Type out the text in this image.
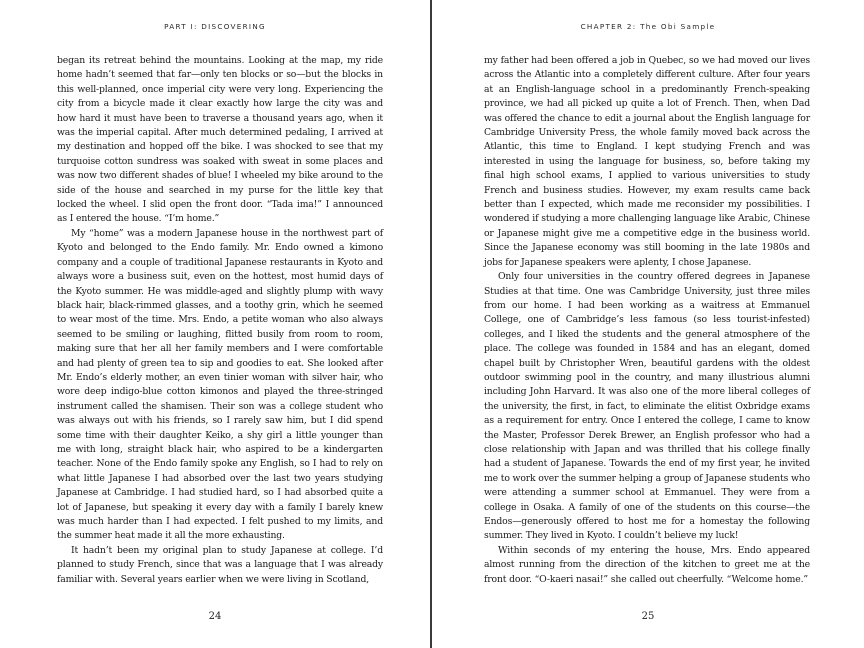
PART I: DISCOVERING

began its retreat behind the mountains. Looking at the map, my ride home hadn’t seemed that far—only ten blocks or so—but the blocks in this well-planned, once imperial city were very long. Experiencing the city from a bicycle made it clear exactly how large the city was and how hard it must have been to traverse a thousand years ago, when it was the imperial capital. After much determined pedaling, I arrived at my destination and hopped off the bike. I was shocked to see that my turquoise cotton sundress was soaked with sweat in some places and was now two different shades of blue! I wheeled my bike around to the side of the house and searched in my purse for the little key that locked the wheel. I slid open the front door. “Tada ima!” I announced as I entered the house. “I’m home.”

My “home” was a modern Japanese house in the northwest part of Kyoto and belonged to the Endo family. Mr. Endo owned a kimono company and a couple of traditional Japanese restaurants in Kyoto and always wore a business suit, even on the hottest, most humid days of the Kyoto summer. He was middle-aged and slightly plump with wavy black hair, black-rimmed glasses, and a toothy grin, which he seemed to wear most of the time. Mrs. Endo, a petite woman who also always seemed to be smiling or laughing, flitted busily from room to room, making sure that her all her family members and I were comfortable and had plenty of green tea to sip and goodies to eat. She looked after Mr. Endo’s elderly mother, an even tinier woman with silver hair, who wore deep indigo-blue cotton kimonos and played the three-stringed instrument called the shamisen. Their son was a college student who was always out with his friends, so I rarely saw him, but I did spend some time with their daughter Keiko, a shy girl a little younger than me with long, straight black hair, who aspired to be a kindergarten teacher. None of the Endo family spoke any English, so I had to rely on what little Japanese I had absorbed over the last two years studying Japanese at Cambridge. I had studied hard, so I had absorbed quite a lot of Japanese, but speaking it every day with a family I barely knew was much harder than I had expected. I felt pushed to my limits, and the summer heat made it all the more exhausting.

It hadn’t been my original plan to study Japanese at college. I’d planned to study French, since that was a language that I was already familiar with. Several years earlier when we were living in Scotland,

24
CHAPTER 2: The Obi Sample

my father had been offered a job in Quebec, so we had moved our lives across the Atlantic into a completely different culture. After four years at an English-language school in a predominantly French-speaking province, we had all picked up quite a lot of French. Then, when Dad was offered the chance to edit a journal about the English language for Cambridge University Press, the whole family moved back across the Atlantic, this time to England. I kept studying French and was interested in using the language for business, so, before taking my final high school exams, I applied to various universities to study French and business studies. However, my exam results came back better than I expected, which made me reconsider my possibilities. I wondered if studying a more challenging language like Arabic, Chinese or Japanese might give me a competitive edge in the business world. Since the Japanese economy was still booming in the late 1980s and jobs for Japanese speakers were aplenty, I chose Japanese.

Only four universities in the country offered degrees in Japanese Studies at that time. One was Cambridge University, just three miles from our home. I had been working as a waitress at Emmanuel College, one of Cambridge’s less famous (so less tourist-infested) colleges, and I liked the students and the general atmosphere of the place. The college was founded in 1584 and has an elegant, domed chapel built by Christopher Wren, beautiful gardens with the oldest outdoor swimming pool in the country, and many illustrious alumni including John Harvard. It was also one of the more liberal colleges of the university, the first, in fact, to eliminate the elitist Oxbridge exams as a requirement for entry. Once I entered the college, I came to know the Master, Professor Derek Brewer, an English professor who had a close relationship with Japan and was thrilled that his college finally had a student of Japanese. Towards the end of my first year, he invited me to work over the summer helping a group of Japanese students who were attending a summer school at Emmanuel. They were from a college in Osaka. A family of one of the students on this course—the Endos—generously offered to host me for a homestay the following summer. They lived in Kyoto. I couldn’t believe my luck!

Within seconds of my entering the house, Mrs. Endo appeared almost running from the direction of the kitchen to greet me at the front door. “O-kaeri nasai!” she called out cheerfully. “Welcome home.”

25
